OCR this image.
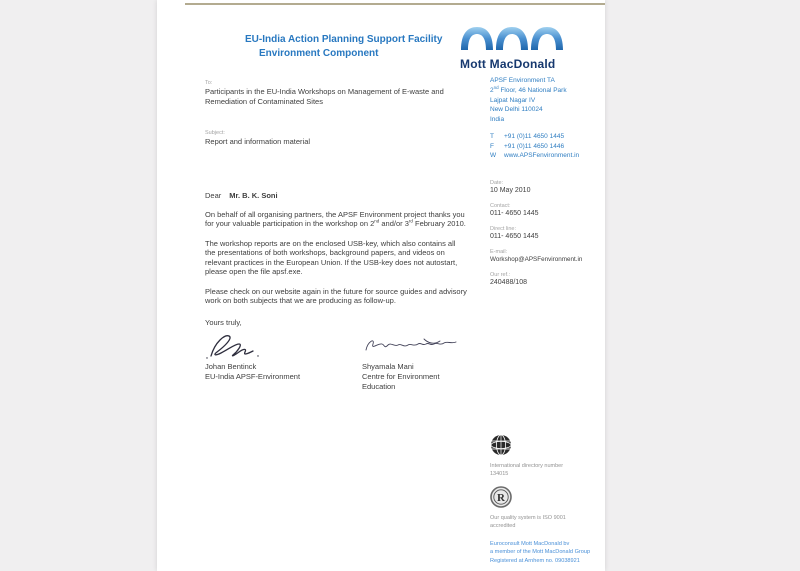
EU-India Action Planning Support Facility
Environment Component
Mott MacDonald
To:
Participants in the EU-India Workshops on Management of E-waste and Remediation of Contaminated Sites
Subject:
Report and information material
Dear Mr. B. K. Soni
On behalf of all organising partners, the APSF Environment project thanks you for your valuable participation in the workshop on 2nd and/or 3rd February 2010.
The workshop reports are on the enclosed USB-key, which also contains all the presentations of both workshops, background papers, and videos on relevant practices in the European Union. If the USB-key does not autostart, please open the file apsf.exe.
Please check on our website again in the future for source guides and advisory work on both subjects that we are producing as follow-up.
Yours truly,
Johan Bentinck
EU-India APSF-Environment
Shyamala Mani
Centre for Environment Education
APSF Environment TA
2nd Floor, 46 National Park
Lajpat Nagar IV
New Delhi 110024
India
T	+91 (0)11 4650 1445
F	+91 (0)11 4650 1446
W	www.APSFenvironment.in
Date:
10 May 2010
Contact:
011- 4650 1445
Direct line:
011- 4650 1445
E-mail:
Workshop@APSFenvironment.in
Our ref.:
240488/108
International directory number 134015
R
Our quality system is ISO 9001 accredited
Euroconsult Mott MacDonald bv
a member of the Mott MacDonald Group
Registered at Arnhem no. 09038921
